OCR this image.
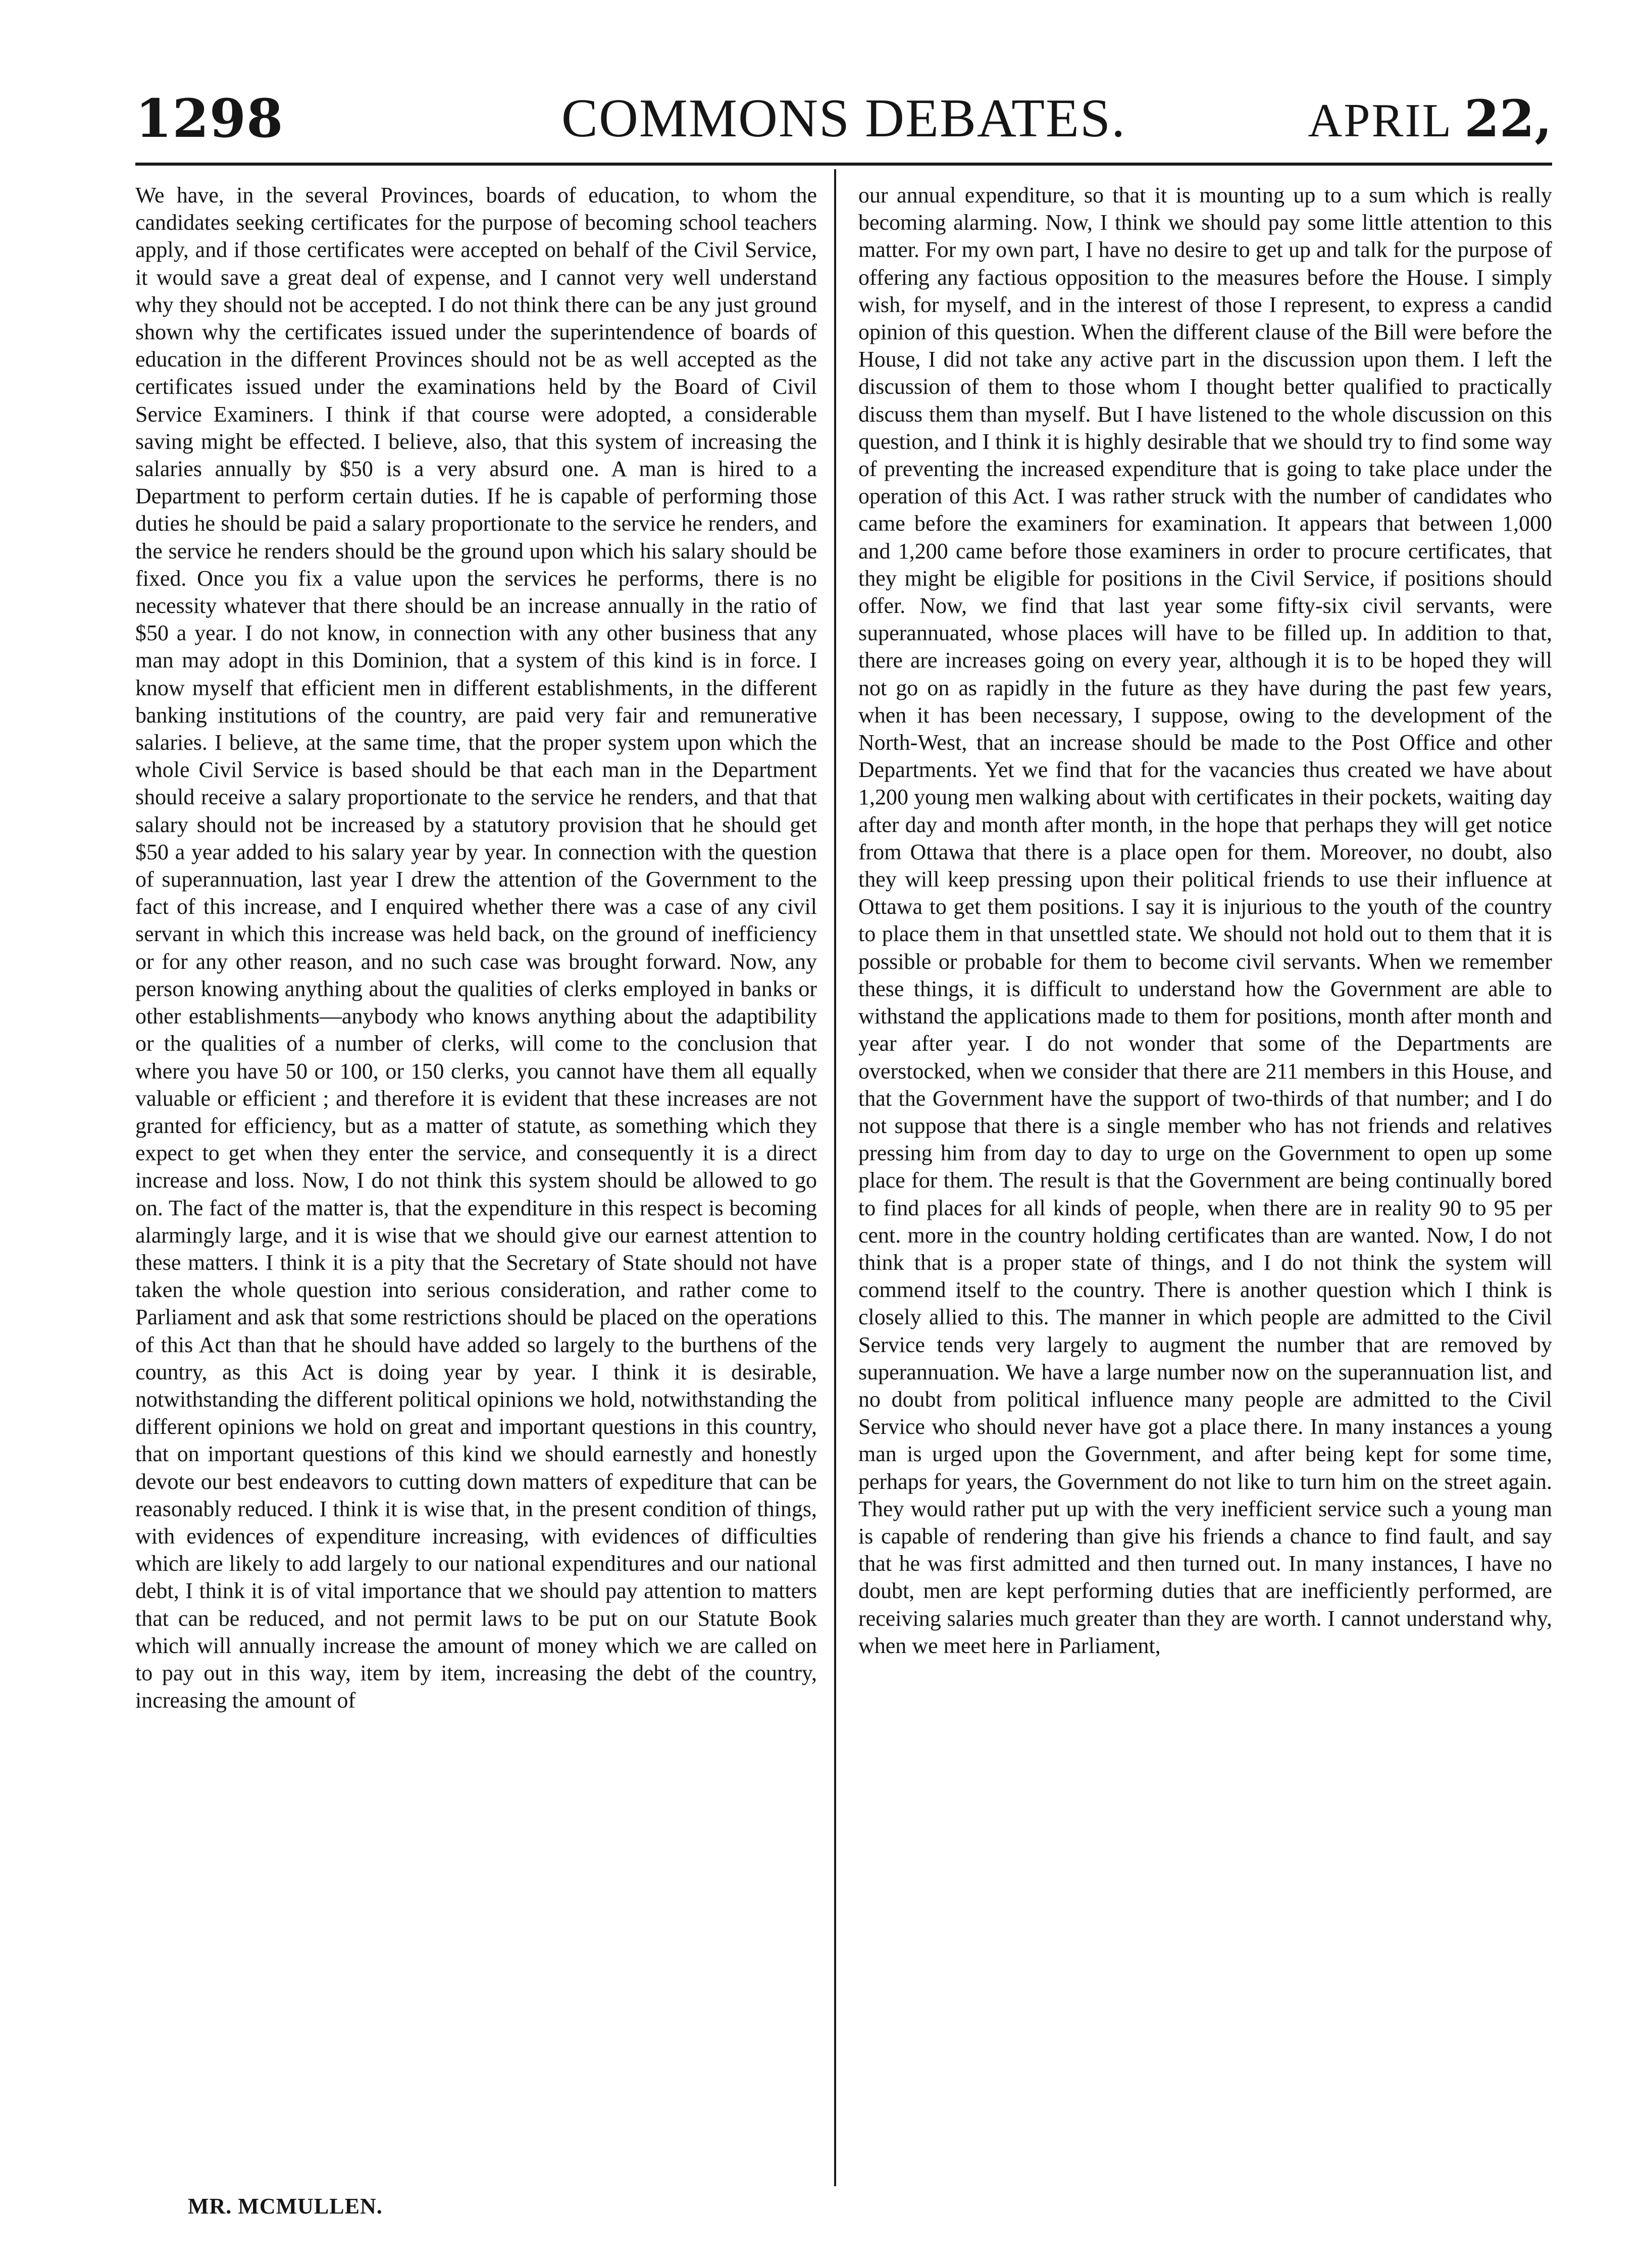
1298	COMMONS DEBATES.	APRIL 22,

We have, in the several Provinces, boards of education, to whom the candidates seeking certificates for the purpose of becoming school teachers apply, and if those certificates were accepted on behalf of the Civil Service, it would save a great deal of expense, and I cannot very well understand why they should not be accepted. I do not think there can be any just ground shown why the certificates issued under the superintendence of boards of education in the different Provinces should not be as well accepted as the certificates issued under the examinations held by the Board of Civil Service Examiners. I think if that course were adopted, a considerable saving might be effected. I believe, also, that this system of increasing the salaries annually by $50 is a very absurd one. A man is hired to a Department to perform certain duties. If he is capable of performing those duties he should be paid a salary proportionate to the service he renders, and the service he renders should be the ground upon which his salary should be fixed. Once you fix a value upon the services he performs, there is no necessity whatever that there should be an increase annually in the ratio of $50 a year. I do not know, in connection with any other business that any man may adopt in this Dominion, that a system of this kind is in force. I know myself that efficient men in different establishments, in the different banking institutions of the country, are paid very fair and remunerative salaries. I believe, at the same time, that the proper system upon which the whole Civil Service is based should be that each man in the Department should receive a salary proportionate to the service he renders, and that that salary should not be increased by a statutory provision that he should get $50 a year added to his salary year by year. In connection with the question of superannuation, last year I drew the attention of the Government to the fact of this increase, and I enquired whether there was a case of any civil servant in which this increase was held back, on the ground of inefficiency or for any other reason, and no such case was brought forward. Now, any person knowing anything about the qualities of clerks employed in banks or other establishments—anybody who knows anything about the adaptibility or the qualities of a number of clerks, will come to the conclusion that where you have 50 or 100, or 150 clerks, you cannot have them all equally valuable or efficient ; and therefore it is evident that these increases are not granted for efficiency, but as a matter of statute, as something which they expect to get when they enter the service, and consequently it is a direct increase and loss. Now, I do not think this system should be allowed to go on. The fact of the matter is, that the expenditure in this respect is becoming alarmingly large, and it is wise that we should give our earnest attention to these matters. I think it is a pity that the Secretary of State should not have taken the whole question into serious consideration, and rather come to Parliament and ask that some restrictions should be placed on the operations of this Act than that he should have added so largely to the burthens of the country, as this Act is doing year by year. I think it is desirable, notwithstanding the different political opinions we hold, notwithstanding the different opinions we hold on great and important questions in this country, that on important questions of this kind we should earnestly and honestly devote our best endeavors to cutting down matters of expediture that can be reasonably reduced. I think it is wise that, in the present condition of things, with evidences of expenditure increasing, with evidences of difficulties which are likely to add largely to our national expenditures and our national debt, I think it is of vital importance that we should pay attention to matters that can be reduced, and not permit laws to be put on our Statute Book which will annually increase the amount of money which we are called on to pay out in this way, item by item, increasing the debt of the country, increasing the amount of

our annual expenditure, so that it is mounting up to a sum which is really becoming alarming. Now, I think we should pay some little attention to this matter. For my own part, I have no desire to get up and talk for the purpose of offering any factious opposition to the measures before the House. I simply wish, for myself, and in the interest of those I represent, to express a candid opinion of this question. When the different clause of the Bill were before the House, I did not take any active part in the discussion upon them. I left the discussion of them to those whom I thought better qualified to practically discuss them than myself. But I have listened to the whole discussion on this question, and I think it is highly desirable that we should try to find some way of preventing the increased expenditure that is going to take place under the operation of this Act. I was rather struck with the number of candidates who came before the examiners for examination. It appears that between 1,000 and 1,200 came before those examiners in order to procure certificates, that they might be eligible for positions in the Civil Service, if positions should offer. Now, we find that last year some fifty-six civil servants, were superannuated, whose places will have to be filled up. In addition to that, there are increases going on every year, although it is to be hoped they will not go on as rapidly in the future as they have during the past few years, when it has been necessary, I suppose, owing to the development of the North-West, that an increase should be made to the Post Office and other Departments. Yet we find that for the vacancies thus created we have about 1,200 young men walking about with certificates in their pockets, waiting day after day and month after month, in the hope that perhaps they will get notice from Ottawa that there is a place open for them. Moreover, no doubt, also they will keep pressing upon their political friends to use their influence at Ottawa to get them positions. I say it is injurious to the youth of the country to place them in that unsettled state. We should not hold out to them that it is possible or probable for them to become civil servants. When we remember these things, it is difficult to understand how the Government are able to withstand the applications made to them for positions, month after month and year after year. I do not wonder that some of the Departments are overstocked, when we consider that there are 211 members in this House, and that the Government have the support of two-thirds of that number; and I do not suppose that there is a single member who has not friends and relatives pressing him from day to day to urge on the Government to open up some place for them. The result is that the Government are being continually bored to find places for all kinds of people, when there are in reality 90 to 95 per cent. more in the country holding certificates than are wanted. Now, I do not think that is a proper state of things, and I do not think the system will commend itself to the country. There is another question which I think is closely allied to this. The manner in which people are admitted to the Civil Service tends very largely to augment the number that are removed by superannuation. We have a large number now on the superannuation list, and no doubt from political influence many people are admitted to the Civil Service who should never have got a place there. In many instances a young man is urged upon the Government, and after being kept for some time, perhaps for years, the Government do not like to turn him on the street again. They would rather put up with the very inefficient service such a young man is capable of rendering than give his friends a chance to find fault, and say that he was first admitted and then turned out. In many instances, I have no doubt, men are kept performing duties that are inefficiently performed, are receiving salaries much greater than they are worth. I cannot understand why, when we meet here in Parliament,

MR. MCMULLEN.
